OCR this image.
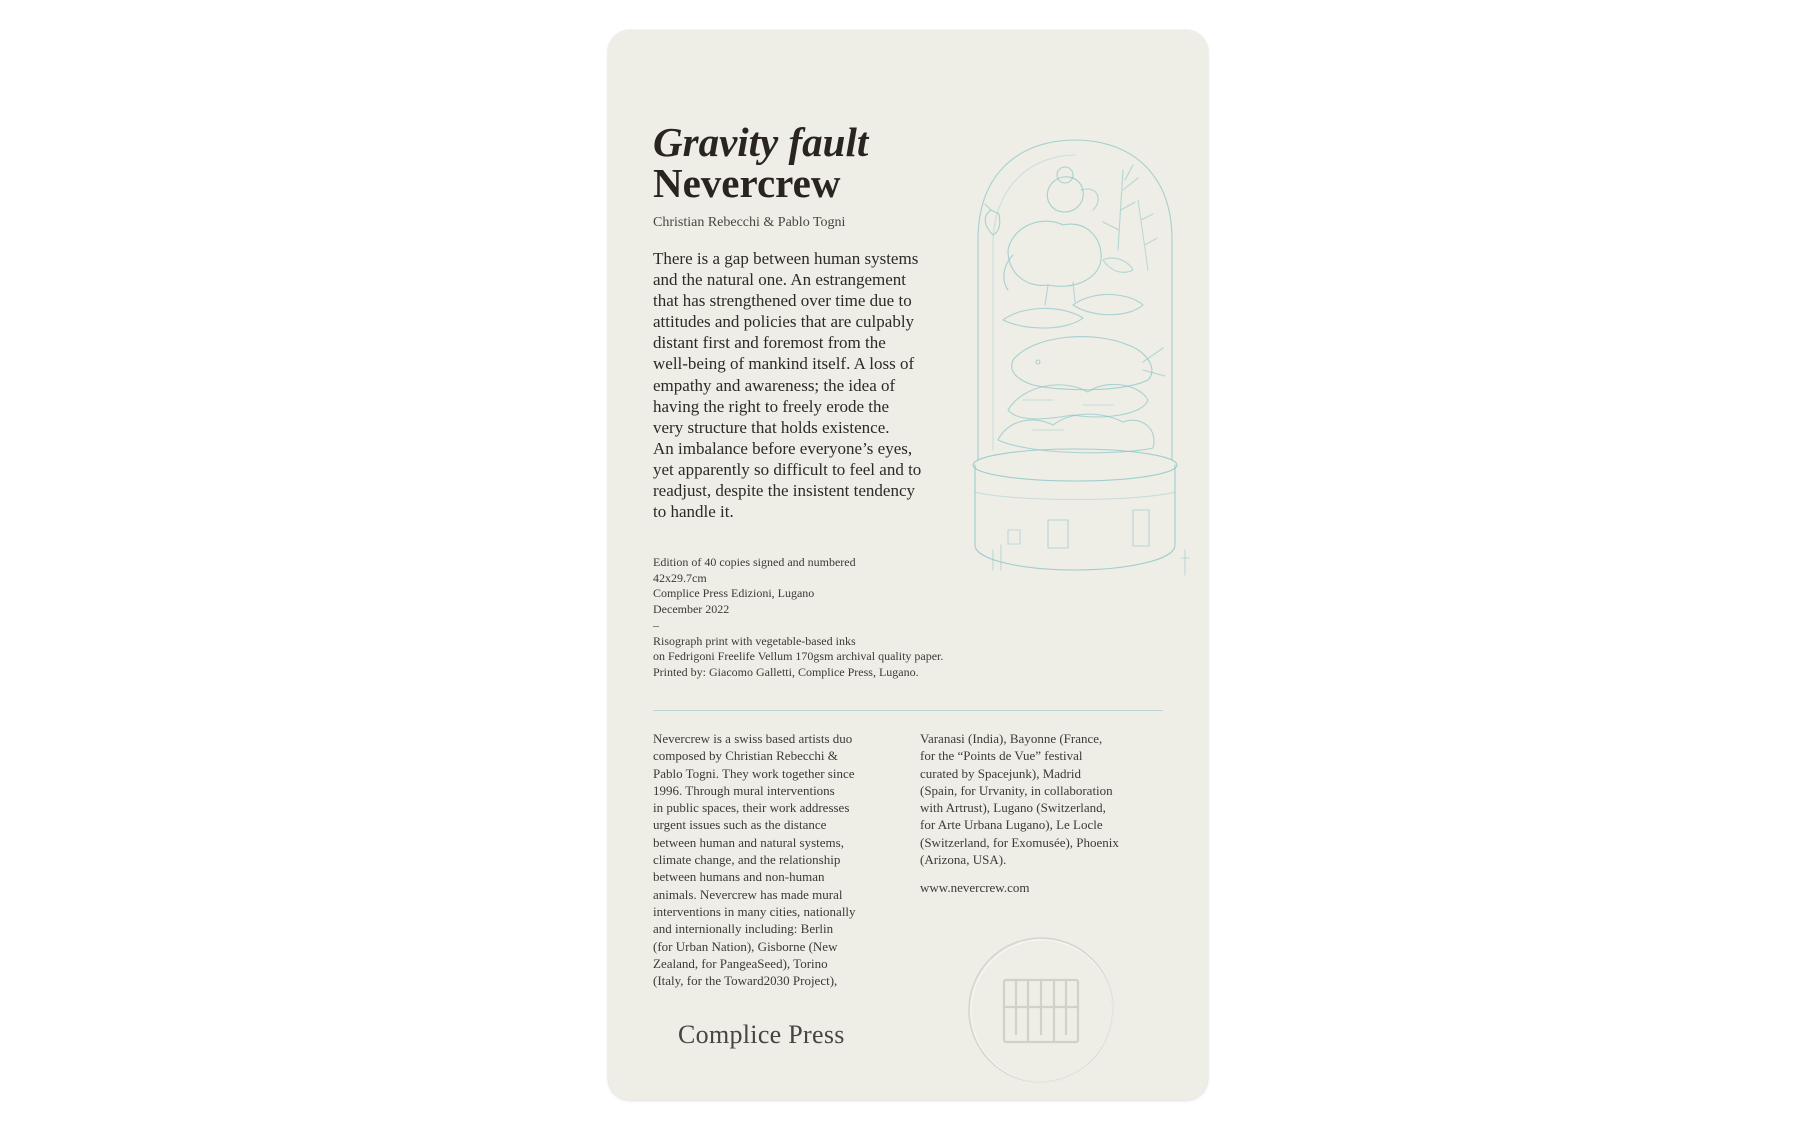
Gravity fault
Nevercrew
Christian Rebecchi & Pablo Togni

There is a gap between human systems
and the natural one. An estrangement
that has strengthened over time due to
attitudes and policies that are culpably
distant first and foremost from the
well-being of mankind itself. A loss of
empathy and awareness; the idea of
having the right to freely erode the
very structure that holds existence.
An imbalance before everyone’s eyes,
yet apparently so difficult to feel and to
readjust, despite the insistent tendency
to handle it.

Edition of 40 copies signed and numbered
42x29.7cm
Complice Press Edizioni, Lugano
December 2022
–
Risograph print with vegetable-based inks
on Fedrigoni Freelife Vellum 170gsm archival quality paper.
Printed by: Giacomo Galletti, Complice Press, Lugano.

Nevercrew is a swiss based artists duo
composed by Christian Rebecchi &
Pablo Togni. They work together since
1996. Through mural interventions
in public spaces, their work addresses
urgent issues such as the distance
between human and natural systems,
climate change, and the relationship
between humans and non-human
animals. Nevercrew has made mural
interventions in many cities, nationally
and internionally including: Berlin
(for Urban Nation), Gisborne (New
Zealand, for PangeaSeed), Torino
(Italy, for the Toward2030 Project),

Varanasi (India), Bayonne (France,
for the “Points de Vue” festival
curated by Spacejunk), Madrid
(Spain, for Urvanity, in collaboration
with Artrust), Lugano (Switzerland,
for Arte Urbana Lugano), Le Locle
(Switzerland, for Exomusée), Phoenix
(Arizona, USA).

www.nevercrew.com
Complice Press
